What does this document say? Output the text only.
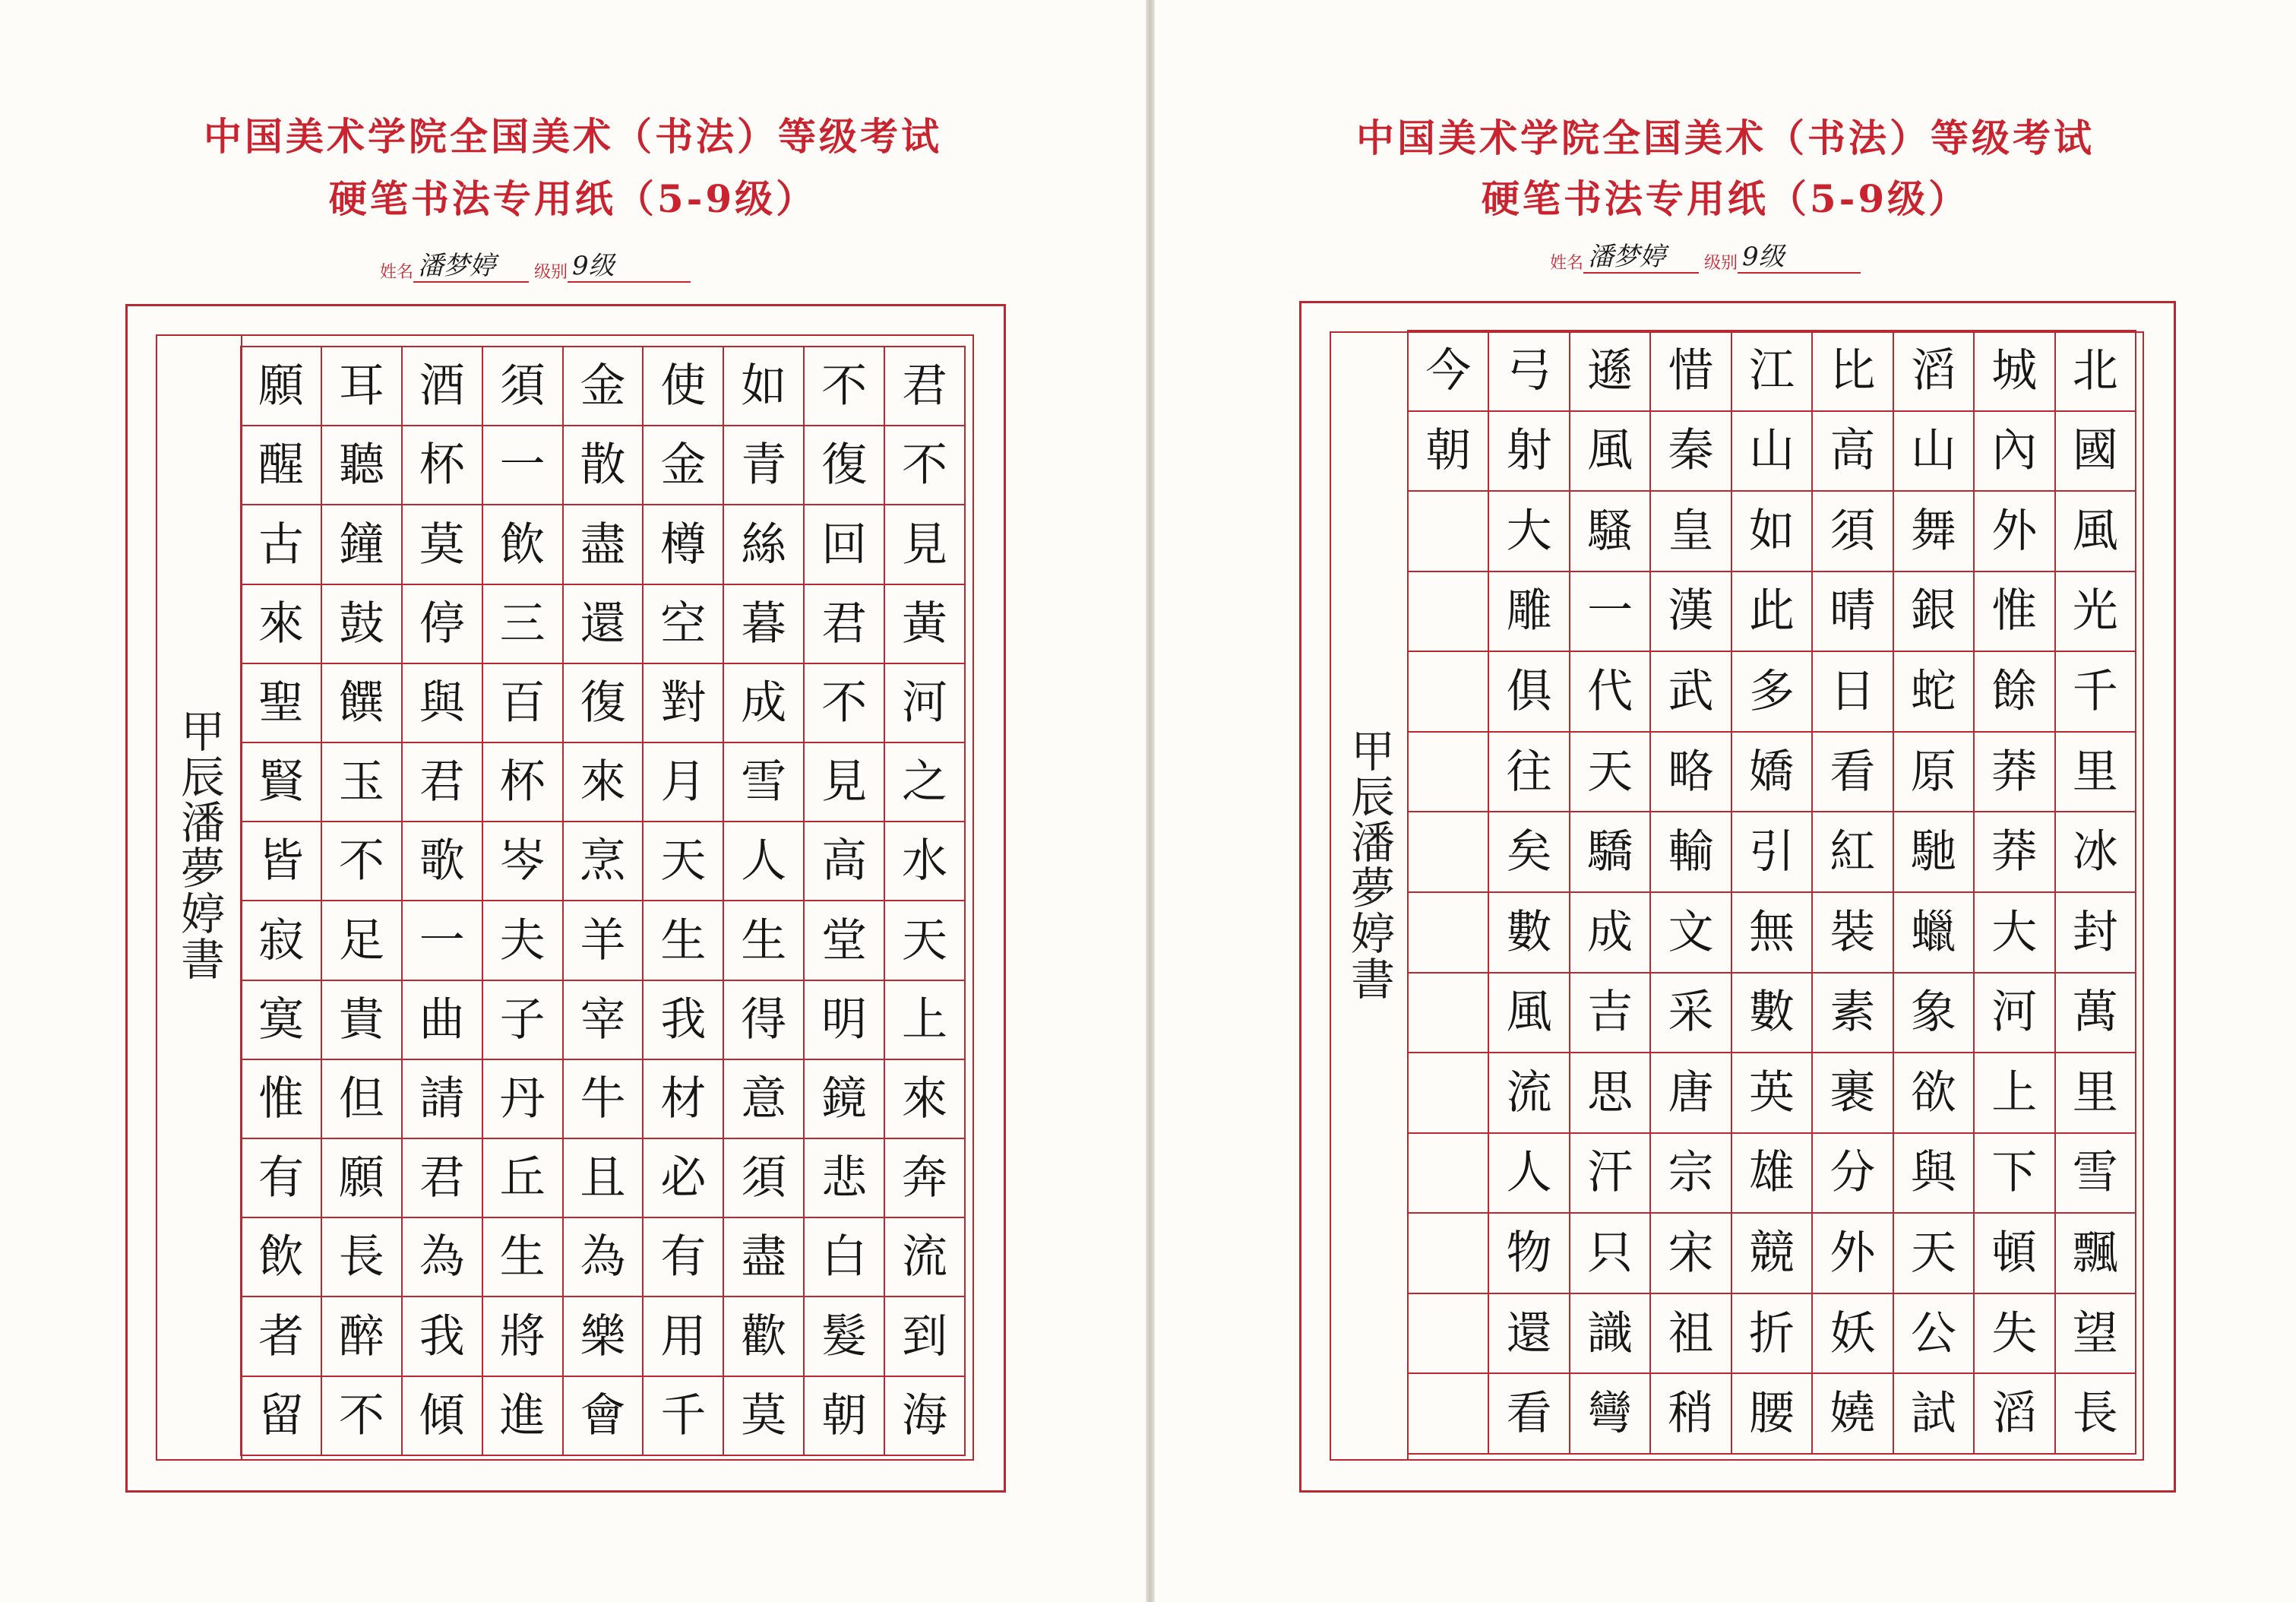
中国美术学院全国美术（书法）等级考试
硬笔书法专用纸（5-9级）
姓名 潘梦婷 级别 9级
甲辰潘夢婷書
願	耳	酒	須	金	使	如	不	君
醒	聽	杯	一	散	金	青	復	不
古	鐘	莫	飲	盡	樽	絲	回	見
來	鼓	停	三	還	空	暮	君	黃
聖	饌	與	百	復	對	成	不	河
賢	玉	君	杯	來	月	雪	見	之
皆	不	歌	岑	烹	天	人	高	水
寂	足	一	夫	羊	生	生	堂	天
寞	貴	曲	子	宰	我	得	明	上
惟	但	請	丹	牛	材	意	鏡	來
有	願	君	丘	且	必	須	悲	奔
飲	長	為	生	為	有	盡	白	流
者	醉	我	將	樂	用	歡	髮	到
留	不	傾	進	會	千	莫	朝	海
中国美术学院全国美术（书法）等级考试
硬笔书法专用纸（5-9级）
姓名 潘梦婷 级别 9级
甲辰潘夢婷書
今	弓	遜	惜	江	比	滔	城	北
朝	射	風	秦	山	高	山	內	國
	大	騷	皇	如	須	舞	外	風
	雕	一	漢	此	晴	銀	惟	光
	俱	代	武	多	日	蛇	餘	千
	往	天	略	嬌	看	原	莽	里
	矣	驕	輸	引	紅	馳	莽	冰
	數	成	文	無	裝	蠟	大	封
	風	吉	采	數	素	象	河	萬
	流	思	唐	英	裹	欲	上	里
	人	汗	宗	雄	分	與	下	雪
	物	只	宋	競	外	天	頓	飄
	還	識	祖	折	妖	公	失	望
	看	彎	稍	腰	嬈	試	滔	長
